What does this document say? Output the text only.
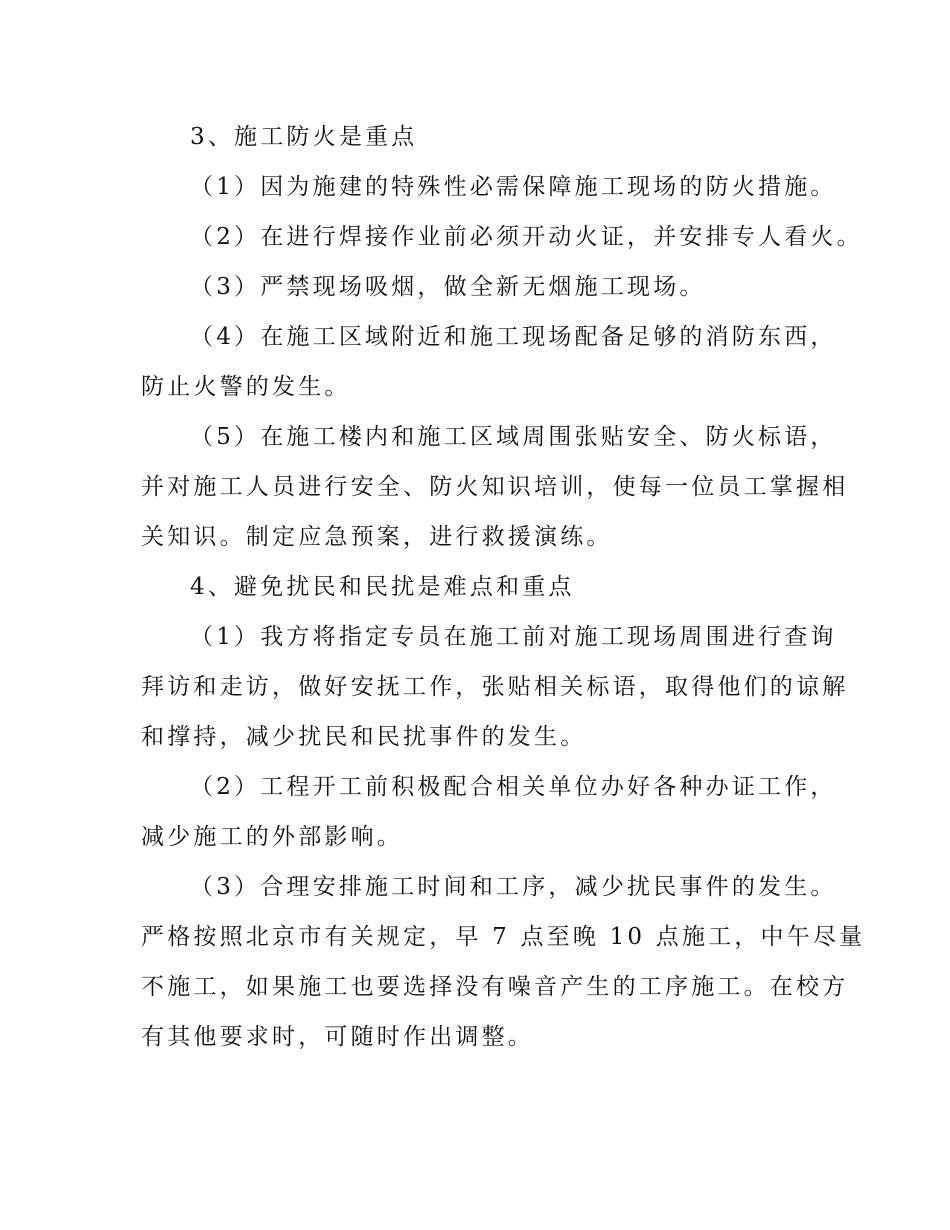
3、施工防火是重点
（1）因为施建的特殊性必需保障施工现场的防火措施。
（2）在进行焊接作业前必须开动火证，并安排专人看火。
（3）严禁现场吸烟，做全新无烟施工现场。
（4）在施工区域附近和施工现场配备足够的消防东西，
防止火警的发生。
（5）在施工楼内和施工区域周围张贴安全、防火标语，
并对施工人员进行安全、防火知识培训，使每一位员工掌握相
关知识。制定应急预案，进行救援演练。
4、避免扰民和民扰是难点和重点
（1）我方将指定专员在施工前对施工现场周围进行查询
拜访和走访，做好安抚工作，张贴相关标语，取得他们的谅解
和撑持，减少扰民和民扰事件的发生。
（2）工程开工前积极配合相关单位办好各种办证工作，
减少施工的外部影响。
（3）合理安排施工时间和工序，减少扰民事件的发生。
严格按照北京市有关规定，早 7 点至晚 10 点施工，中午尽量
不施工，如果施工也要选择没有噪音产生的工序施工。在校方
有其他要求时，可随时作出调整。
